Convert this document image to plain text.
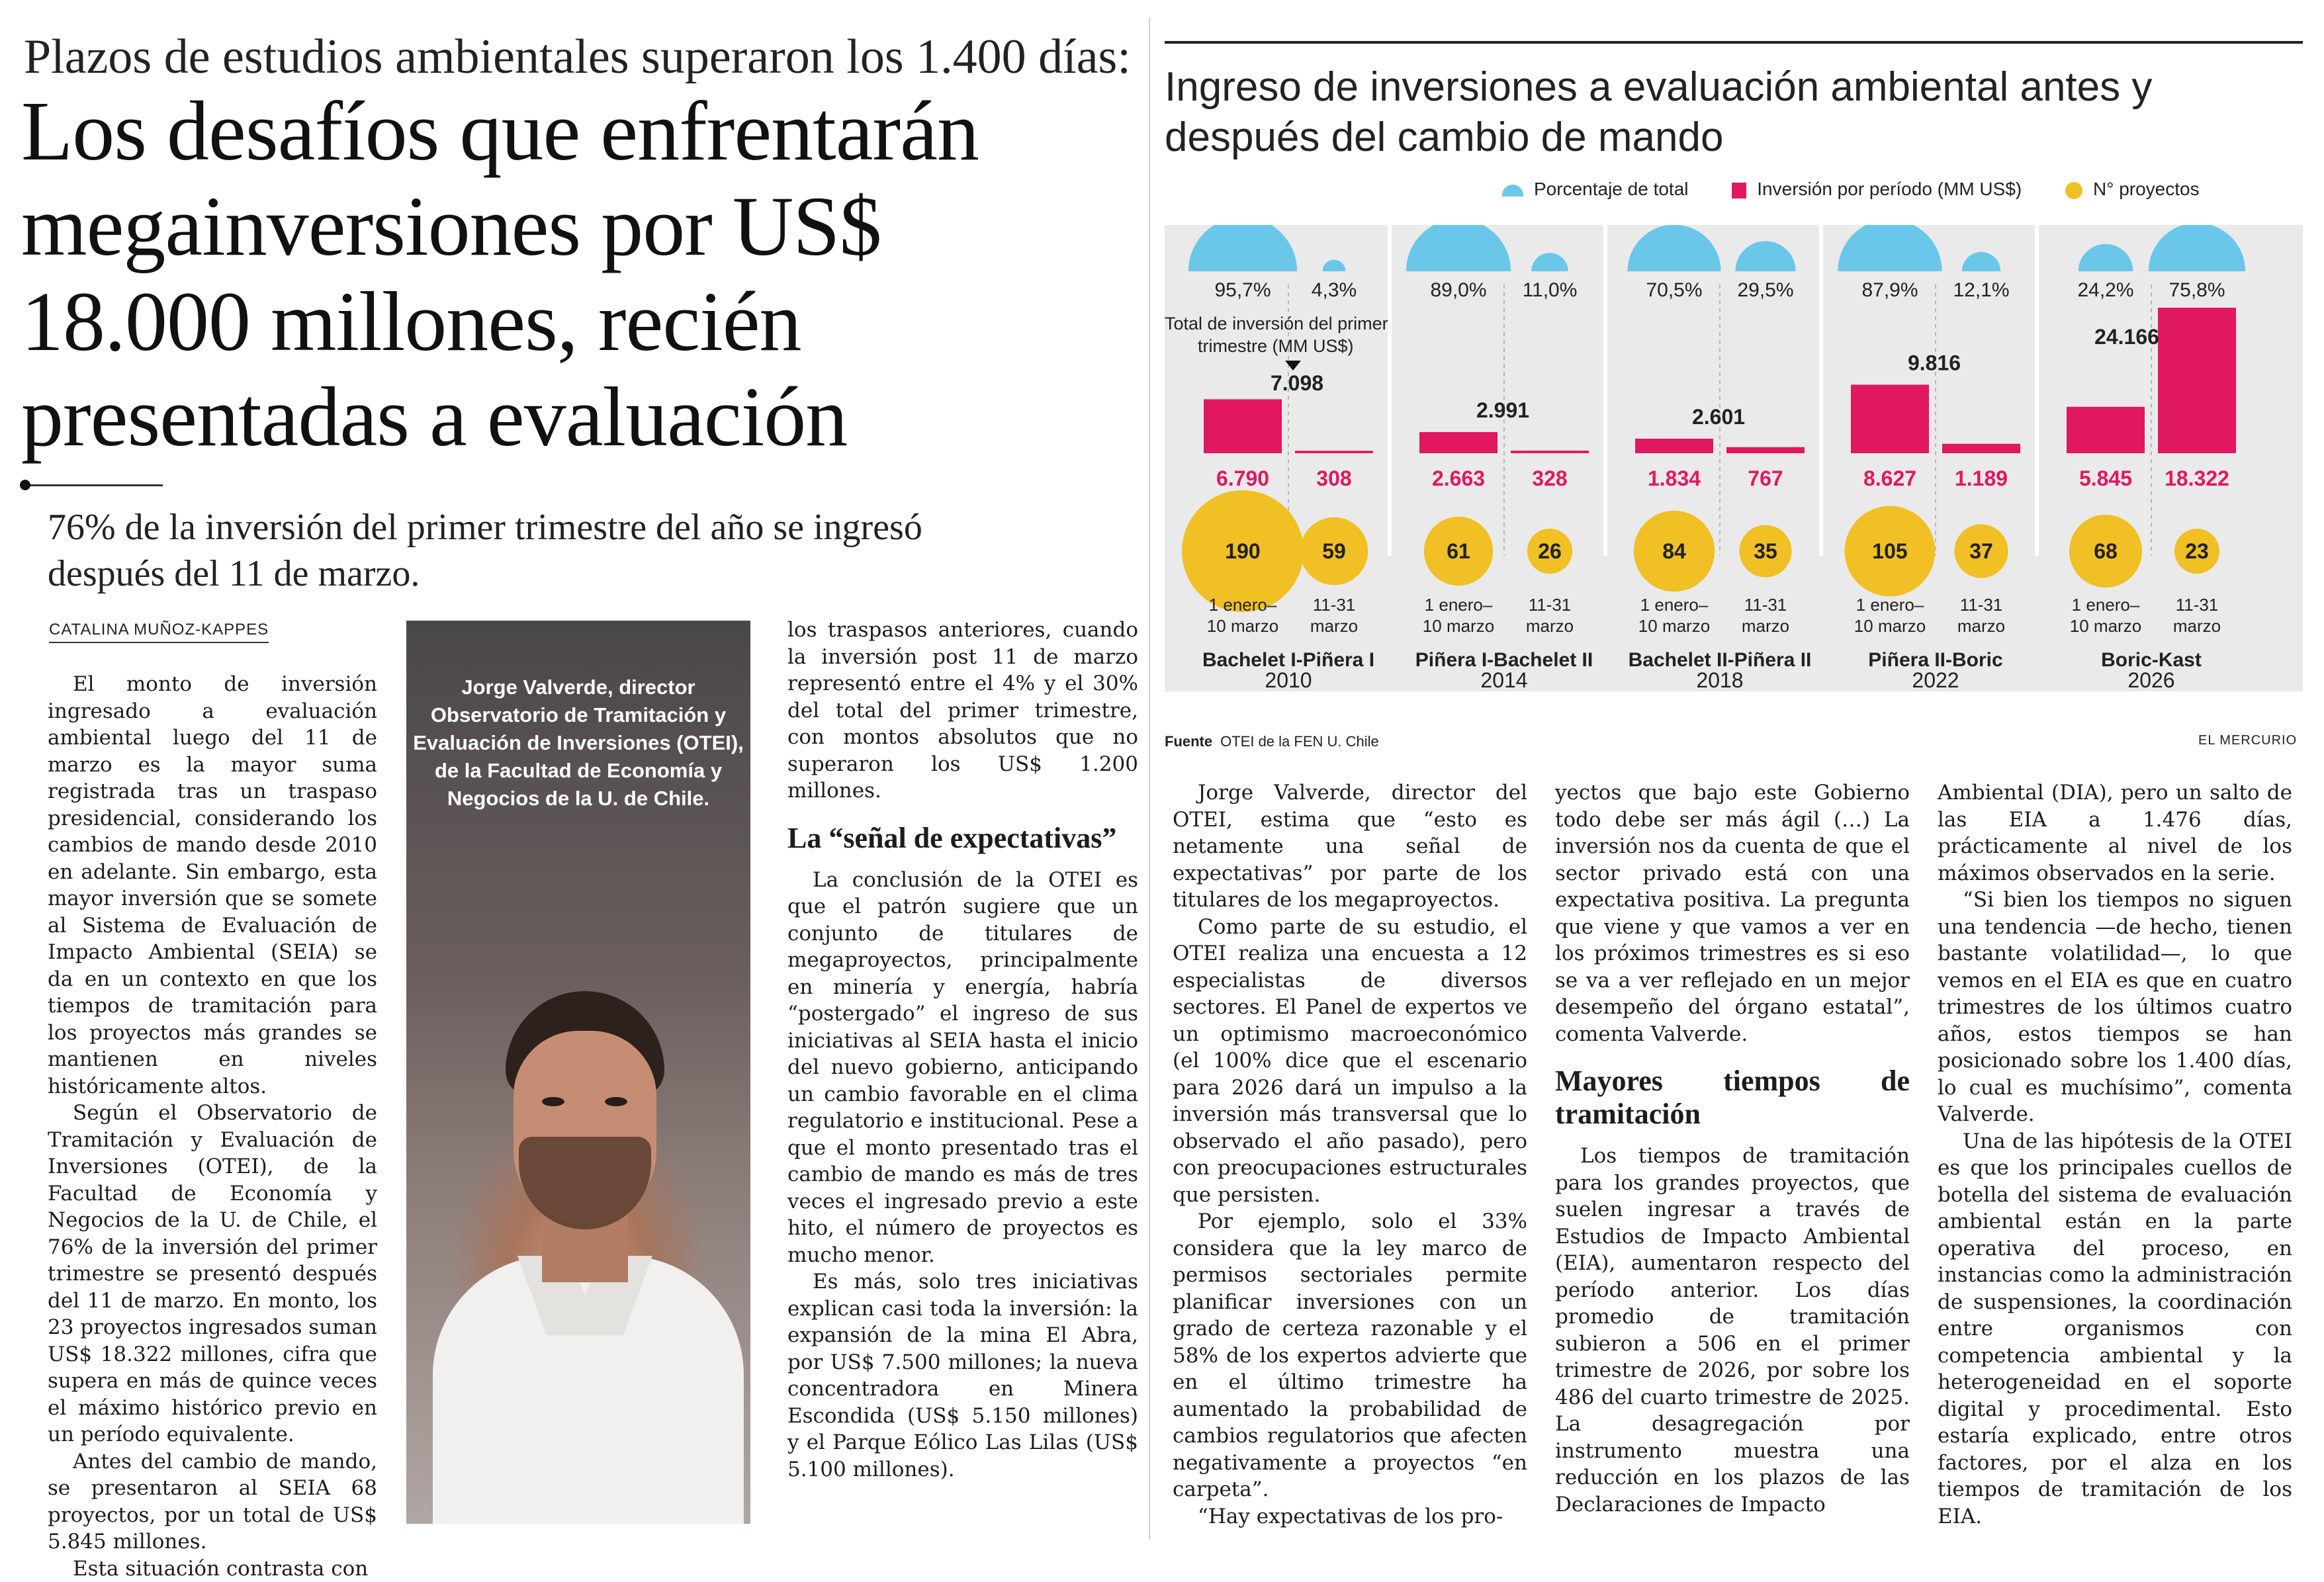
Plazos de estudios ambientales superaron los 1.400 días:
Los desafíos que enfrentarán megainversiones por US$ 18.000 millones, recién presentadas a evaluación
76% de la inversión del primer trimestre del año se ingresó después del 11 de marzo.
CATALINA MUÑOZ-KAPPES

El monto de inversión ingresado a evaluación ambiental luego del 11 de marzo es la mayor suma registrada tras un traspaso presidencial, considerando los cambios de mando desde 2010 en adelante. Sin embargo, esta mayor inversión que se somete al Sistema de Evaluación de Impacto Ambiental (SEIA) se da en un contexto en que los tiempos de tramitación para los proyectos más grandes se mantienen en niveles históricamente altos.

Según el Observatorio de Tramitación y Evaluación de Inversiones (OTEI), de la Facultad de Economía y Negocios de la U. de Chile, el 76% de la inversión del primer trimestre se presentó después del 11 de marzo. En monto, los 23 proyectos ingresados suman US$ 18.322 millones, cifra que supera en más de quince veces el máximo histórico previo en un período equivalente.

Antes del cambio de mando, se presentaron al SEIA 68 proyectos, por un total de US$ 5.845 millones.

Esta situación contrasta con

Jorge Valverde, director Observatorio de Tramitación y Evaluación de Inversiones (OTEI), de la Facultad de Economía y Negocios de la U. de Chile.

los traspasos anteriores, cuando la inversión post 11 de marzo representó entre el 4% y el 30% del total del primer trimestre, con montos absolutos que no superaron los US$ 1.200 millones.

La “señal de expectativas”

La conclusión de la OTEI es que el patrón sugiere que un conjunto de titulares de megaproyectos, principalmente en minería y energía, habría “postergado” el ingreso de sus iniciativas al SEIA hasta el inicio del nuevo gobierno, anticipando un cambio favorable en el clima regulatorio e institucional. Pese a que el monto presentado tras el cambio de mando es más de tres veces el ingresado previo a este hito, el número de proyectos es mucho menor.

Es más, solo tres iniciativas explican casi toda la inversión: la expansión de la mina El Abra, por US$ 7.500 millones; la nueva concentradora en Minera Escondida (US$ 5.150 millones) y el Parque Eólico Las Lilas (US$ 5.100 millones).

Ingreso de inversiones a evaluación ambiental antes y después del cambio de mando
Porcentaje de total	Inversión por período (MM US$)	N° proyectos
95,7%
6.790
190
1 enero–
10 marzo
4,3%
308
59
11-31
marzo
7.098
Bachelet I-Piñera I
2010
89,0%
2.663
61
1 enero–
10 marzo
11,0%
328
26
11-31
marzo
2.991
Piñera I-Bachelet II
2014
70,5%
1.834
84
1 enero–
10 marzo
29,5%
767
35
11-31
marzo
2.601
Bachelet II-Piñera II
2018
87,9%
8.627
105
1 enero–
10 marzo
12,1%
1.189
37
11-31
marzo
9.816
Piñera II-Boric
2022
24,2%
5.845
68
1 enero–
10 marzo
75,8%
18.322
23
11-31
marzo
24.166
Boric-Kast
2026
Total de inversión del primer
trimestre (MM US$)
Fuente OTEI de la FEN U. Chile	EL MERCURIO

Jorge Valverde, director del OTEI, estima que “esto es netamente una señal de expectativas” por parte de los titulares de los megaproyectos.

Como parte de su estudio, el OTEI realiza una encuesta a 12 especialistas de diversos sectores. El Panel de expertos ve un optimismo macroeconómico (el 100% dice que el escenario para 2026 dará un impulso a la inversión más transversal que lo observado el año pasado), pero con preocupaciones estructurales que persisten.

Por ejemplo, solo el 33% considera que la ley marco de permisos sectoriales permite planificar inversiones con un grado de certeza razonable y el 58% de los expertos advierte que en el último trimestre ha aumentado la probabilidad de cambios regulatorios que afecten negativamente a proyectos “en carpeta”.

“Hay expectativas de los pro-

yectos que bajo este Gobierno todo debe ser más ágil (…) La inversión nos da cuenta de que el sector privado está con una expectativa positiva. La pregunta que viene y que vamos a ver en los próximos trimestres es si eso se va a ver reflejado en un mejor desempeño del órgano estatal”, comenta Valverde.

Mayores tiempos de tramitación

Los tiempos de tramitación para los grandes proyectos, que suelen ingresar a través de Estudios de Impacto Ambiental (EIA), aumentaron respecto del período anterior. Los días promedio de tramitación subieron a 506 en el primer trimestre de 2026, por sobre los 486 del cuarto trimestre de 2025. La desagregación por instrumento muestra una reducción en los plazos de las Declaraciones de Impacto

Ambiental (DIA), pero un salto de las EIA a 1.476 días, prácticamente al nivel de los máximos observados en la serie.

“Si bien los tiempos no siguen una tendencia —de hecho, tienen bastante volatilidad—, lo que vemos en el EIA es que en cuatro trimestres de los últimos cuatro años, estos tiempos se han posicionado sobre los 1.400 días, lo cual es muchísimo”, comenta Valverde.

Una de las hipótesis de la OTEI es que los principales cuellos de botella del sistema de evaluación ambiental están en la parte operativa del proceso, en instancias como la administración de suspensiones, la coordinación entre organismos con competencia ambiental y la heterogeneidad en el soporte digital y procedimental. Esto estaría explicado, entre otros factores, por el alza en los tiempos de tramitación de los EIA.
